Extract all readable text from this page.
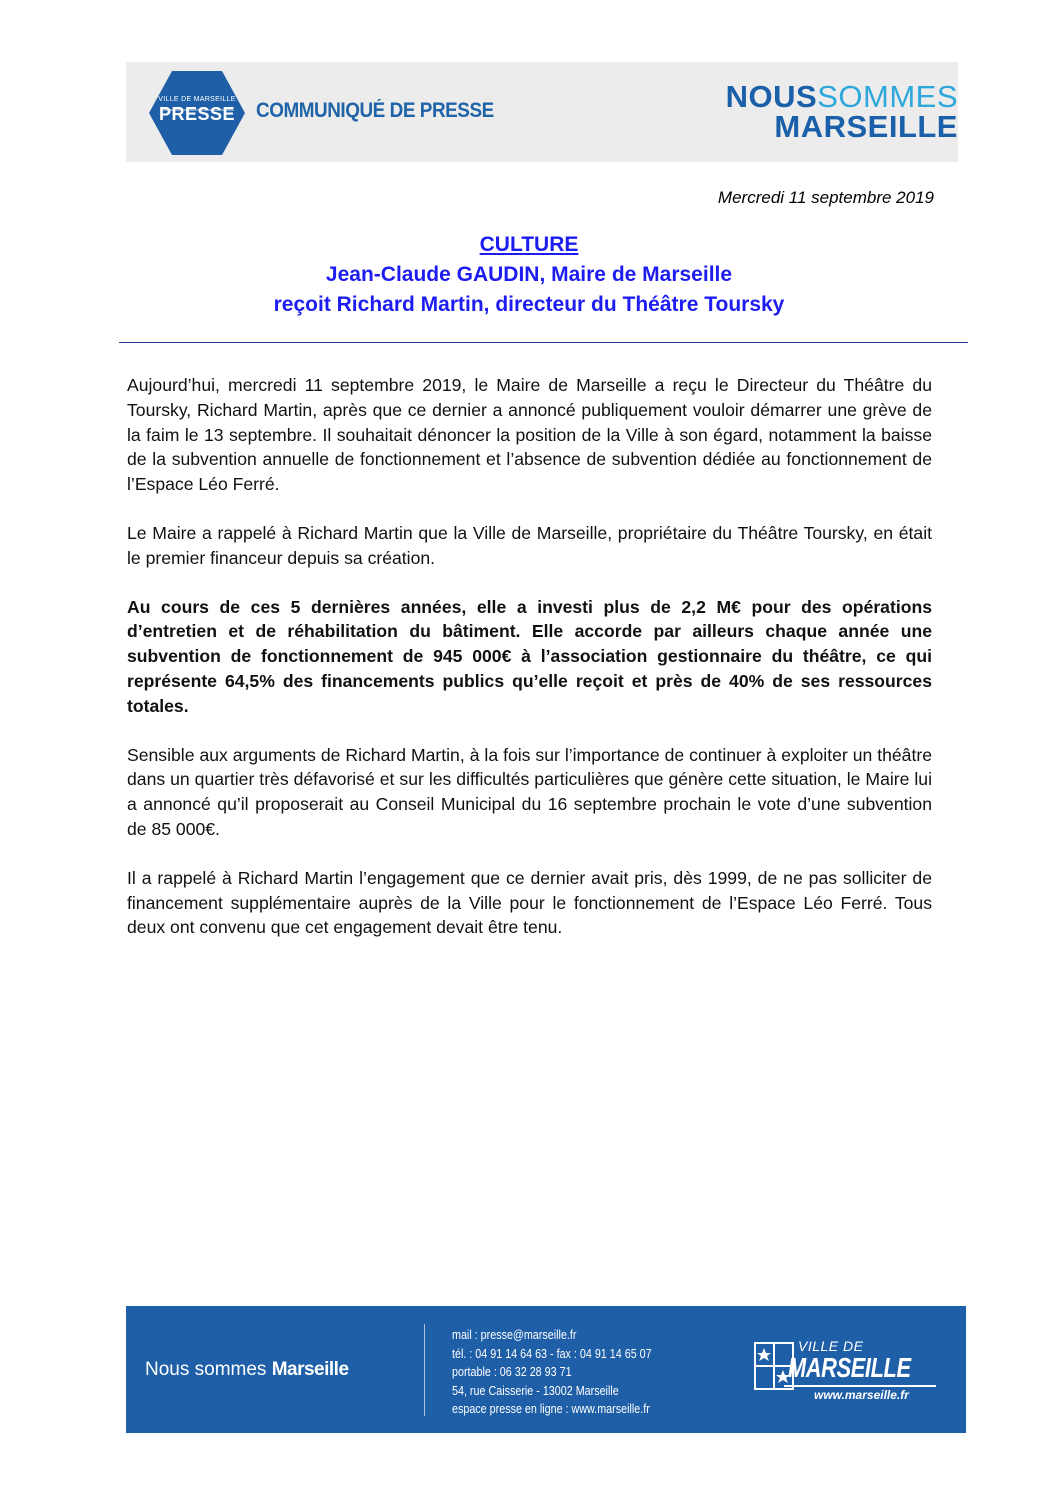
VILLE DE MARSEILLE
PRESSE COMMUNIQUÉ DE PRESSE	NOUSSOMMES
MARSEILLE
Mercredi 11 septembre 2019
CULTURE
Jean-Claude GAUDIN, Maire de Marseille
reçoit Richard Martin, directeur du Théâtre Toursky

Aujourd’hui, mercredi 11 septembre 2019, le Maire de Marseille a reçu le Directeur du Théâtre du Toursky, Richard Martin, après que ce dernier a annoncé publiquement vouloir démarrer une grève de la faim le 13 septembre. Il souhaitait dénoncer la position de la Ville à son égard, notamment la baisse de la subvention annuelle de fonctionnement et l’absence de subvention dédiée au fonctionnement de l’Espace Léo Ferré.

Le Maire a rappelé à Richard Martin que la Ville de Marseille, propriétaire du Théâtre Toursky, en était le premier financeur depuis sa création.

Au cours de ces 5 dernières années, elle a investi plus de 2,2 M€ pour des opérations d’entretien et de réhabilitation du bâtiment. Elle accorde par ailleurs chaque année une subvention de fonctionnement de 945 000€ à l’association gestionnaire du théâtre, ce qui représente 64,5% des financements publics qu’elle reçoit et près de 40% de ses ressources totales.

Sensible aux arguments de Richard Martin, à la fois sur l’importance de continuer à exploiter un théâtre dans un quartier très défavorisé et sur les difficultés particulières que génère cette situation, le Maire lui a annoncé qu’il proposerait au Conseil Municipal du 16 septembre prochain le vote d’une subvention de 85 000€.

Il a rappelé à Richard Martin l’engagement que ce dernier avait pris, dès 1999, de ne pas solliciter de financement supplémentaire auprès de la Ville pour le fonctionnement de l’Espace Léo Ferré. Tous deux ont convenu que cet engagement devait être tenu.

Nous sommes Marseille
mail : presse@marseille.fr
tél. : 04 91 14 64 63 - fax : 04 91 14 65 07
portable : 06 32 28 93 71
54, rue Caisserie - 13002 Marseille
espace presse en ligne : www.marseille.fr
VILLE DE
MARSEILLE
www.marseille.fr
